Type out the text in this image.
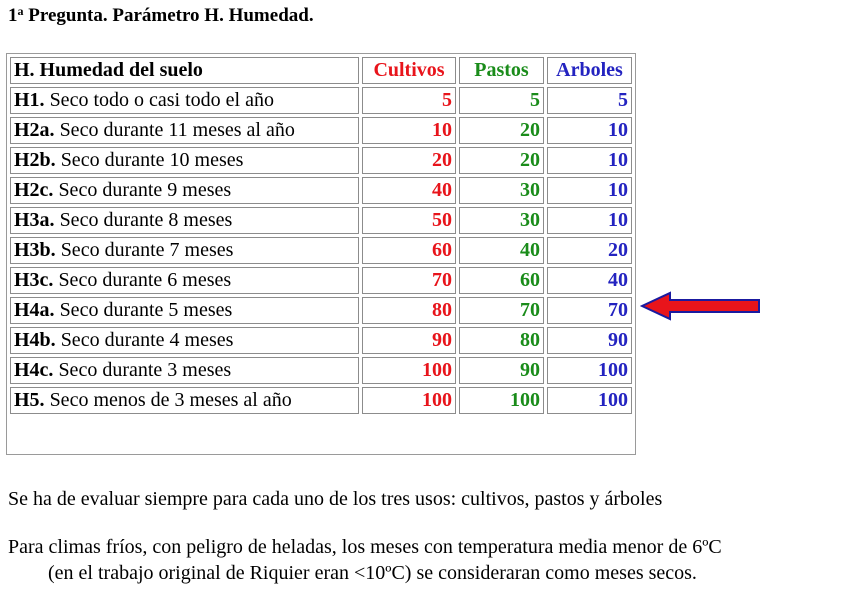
1$^a$ Pregunta. Parámetro H. Humedad.
H. Humedad del suelo	Cultivos	Pastos	Arboles
H1. Seco todo o casi todo el año	5	5	5
H2a. Seco durante 11 meses al año	10	20	10
H2b. Seco durante 10 meses	20	20	10
H2c. Seco durante 9 meses	40	30	10
H3a. Seco durante 8 meses	50	30	10
H3b. Seco durante 7 meses	60	40	20
H3c. Seco durante 6 meses	70	60	40
H4a. Seco durante 5 meses	80	70	70
H4b. Seco durante 4 meses	90	80	90
H4c. Seco durante 3 meses	100	90	100
H5. Seco menos de 3 meses al año	100	100	100

Se ha de evaluar siempre para cada uno de los tres usos: cultivos, pastos y árboles

Para climas fríos, con peligro de heladas, los meses con temperatura media menor de 6ºC

(en el trabajo original de Riquier eran <10ºC) se consideraran como meses secos.
